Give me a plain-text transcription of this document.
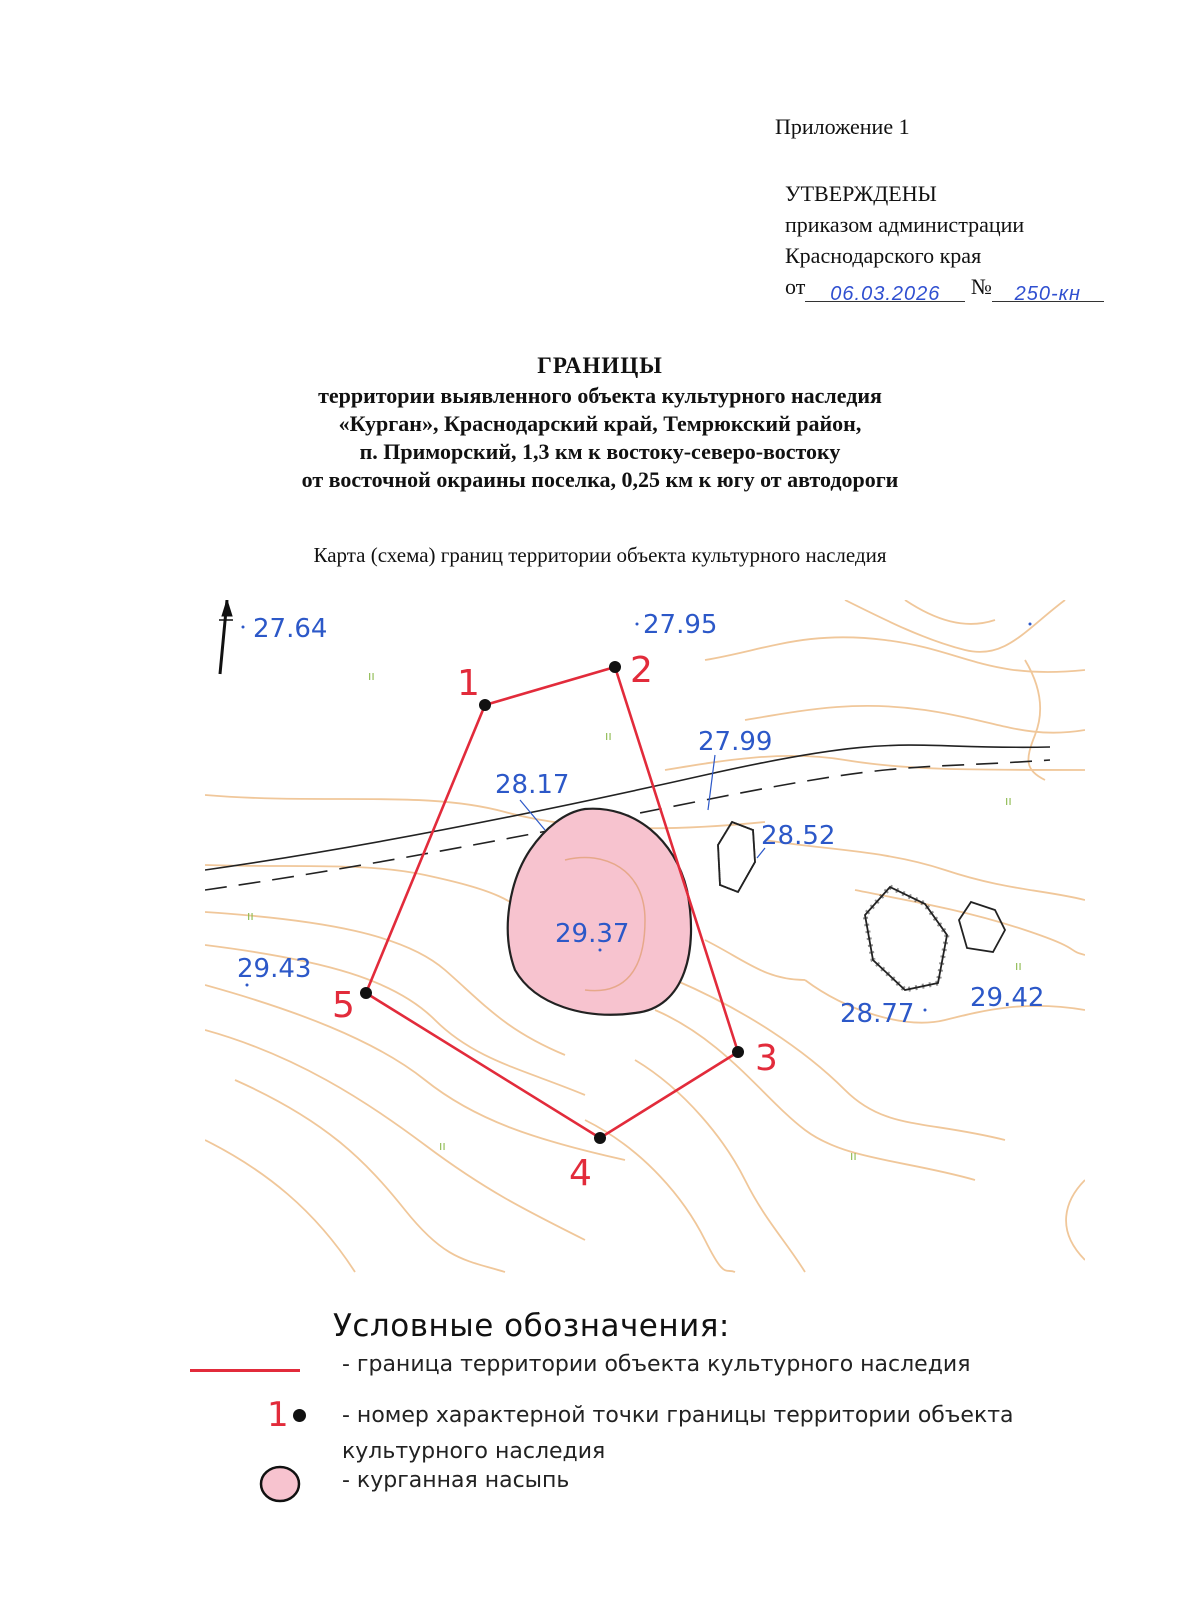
Приложение 1
УТВЕРЖДЕНЫ
приказом администрации
Краснодарского края
от 06.03.2026 № 250-кн
ГРАНИЦЫ
территории выявленного объекта культурного наследия
«Курган», Краснодарский край, Темрюкский район,
п. Приморский, 1,3 км к востоку-северо-востоку
от восточной окраины поселка, 0,25 км к югу от автодороги
Карта (схема) границ территории объекта культурного наследия
ıı
ıı
ıı
ıı
ıı
ıı
ıı
1	2
3
4
5
27.64	27.95
27.99
28.17
28.52
29.37
29.43
28.77
29.42
Условные обозначения:
- граница территории объекта культурного наследия
1 - номер характерной точки границы территории объекта культурного наследия
- курганная насыпь
